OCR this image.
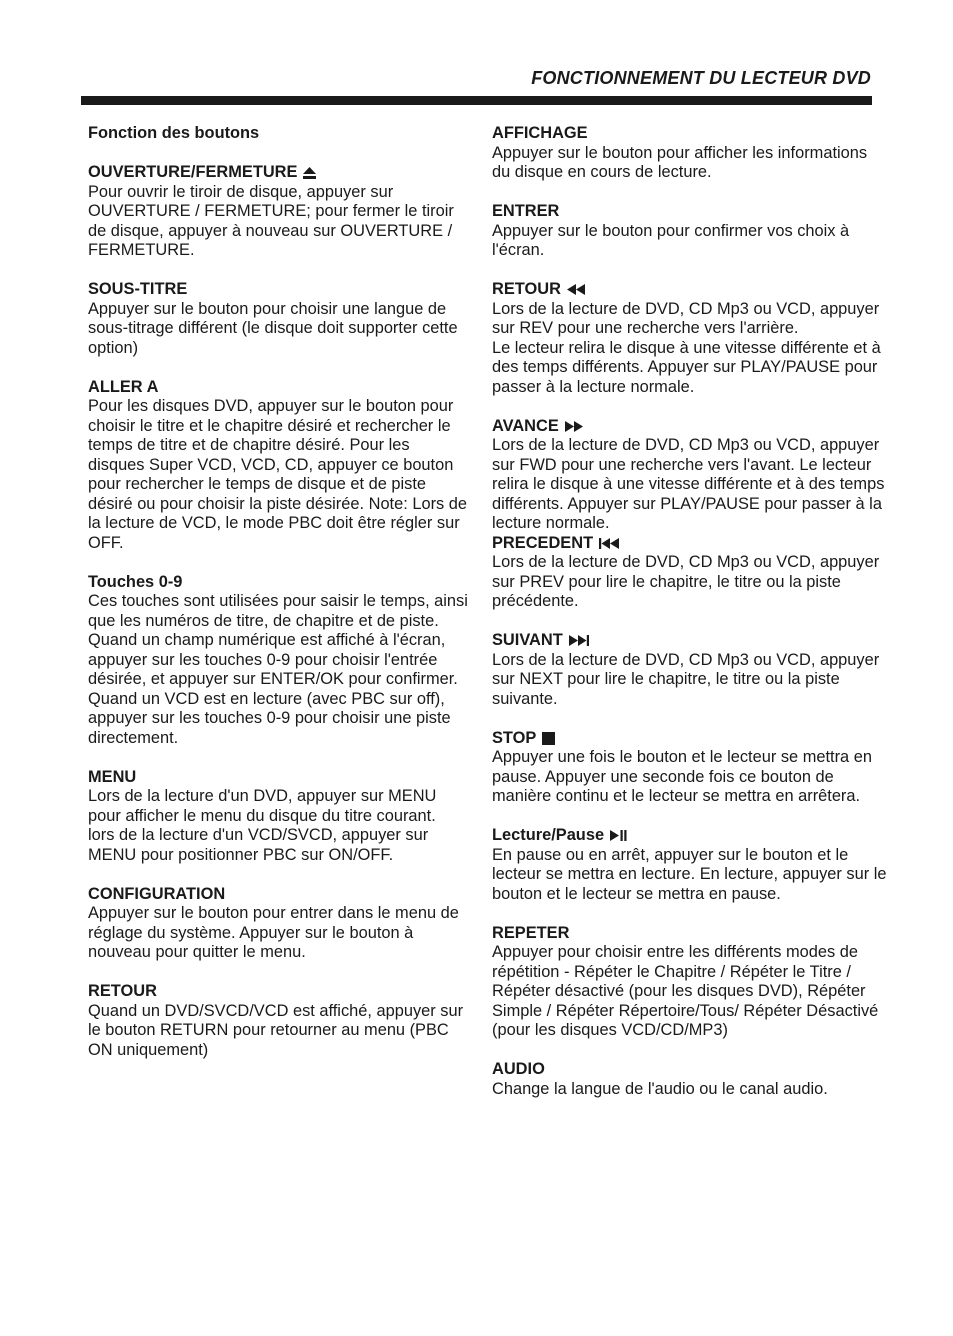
FONCTIONNEMENT DU LECTEUR DVD
Fonction des boutons
OUVERTURE/FERMETURE

Pour ouvrir le tiroir de disque, appuyer sur OUVERTURE / FERMETURE; pour fermer le tiroir de disque, appuyer à nouveau sur OUVERTURE / FERMETURE.

SOUS-TITRE

Appuyer sur le bouton pour choisir une langue de sous-titrage différent (le disque doit supporter cette option)

ALLER A

Pour les disques DVD, appuyer sur le bouton pour choisir le titre et le chapitre désiré et rechercher le temps de titre et de chapitre désiré. Pour les disques Super VCD, VCD, CD, appuyer ce bouton pour rechercher le temps de disque et de piste désiré ou pour choisir la piste désirée. Note: Lors de la lecture de VCD, le mode PBC doit être régler sur OFF.

Touches 0-9

Ces touches sont utilisées pour saisir le temps, ainsi que les numéros de titre, de chapitre et de piste. Quand un champ numérique est affiché à l'écran, appuyer sur les touches 0-9 pour choisir l'entrée désirée, et appuyer sur ENTER/OK pour confirmer. Quand un VCD est en lecture (avec PBC sur off), appuyer sur les touches 0-9 pour choisir une piste directement.

MENU

Lors de la lecture d'un DVD, appuyer sur MENU pour afficher le menu du disque du titre courant.

lors de la lecture d'un VCD/SVCD, appuyer sur MENU pour positionner PBC sur ON/OFF.

CONFIGURATION

Appuyer sur le bouton pour entrer dans le menu de réglage du système. Appuyer sur le bouton à nouveau pour quitter le menu.

RETOUR

Quand un DVD/SVCD/VCD est affiché, appuyer sur le bouton RETURN pour retourner au menu (PBC ON uniquement)

AFFICHAGE

Appuyer sur le bouton pour afficher les informations du disque en cours de lecture.

ENTRER

Appuyer sur le bouton pour confirmer vos choix à l'écran.

RETOUR

Lors de la lecture de DVD, CD Mp3 ou VCD, appuyer sur REV pour une recherche vers l'arrière.

Le lecteur relira le disque à une vitesse différente et à des temps différents. Appuyer sur PLAY/PAUSE pour passer à la lecture normale.

AVANCE

Lors de la lecture de DVD, CD Mp3 ou VCD, appuyer sur FWD pour une recherche vers l'avant. Le lecteur relira le disque à une vitesse différente et à des temps différents. Appuyer sur PLAY/PAUSE pour passer à la lecture normale.

PRECEDENT

Lors de la lecture de DVD, CD Mp3 ou VCD, appuyer sur PREV pour lire le chapitre, le titre ou la piste précédente.

SUIVANT

Lors de la lecture de DVD, CD Mp3 ou VCD, appuyer sur NEXT pour lire le chapitre, le titre ou la piste suivante.

STOP

Appuyer une fois le bouton et le lecteur se mettra en pause. Appuyer une seconde fois ce bouton de manière continu et le lecteur se mettra en arrêtera.

Lecture/Pause

En pause ou en arrêt, appuyer sur le bouton et le lecteur se mettra en lecture. En lecture, appuyer sur le bouton et le lecteur se mettra en pause.

REPETER

Appuyer pour choisir entre les différents modes de répétition - Répéter le Chapitre / Répéter le Titre / Répéter désactivé (pour les disques DVD), Répéter Simple / Répéter Répertoire/Tous/ Répéter Désactivé (pour les disques VCD/CD/MP3)

AUDIO

Change la langue de l'audio ou le canal audio.
